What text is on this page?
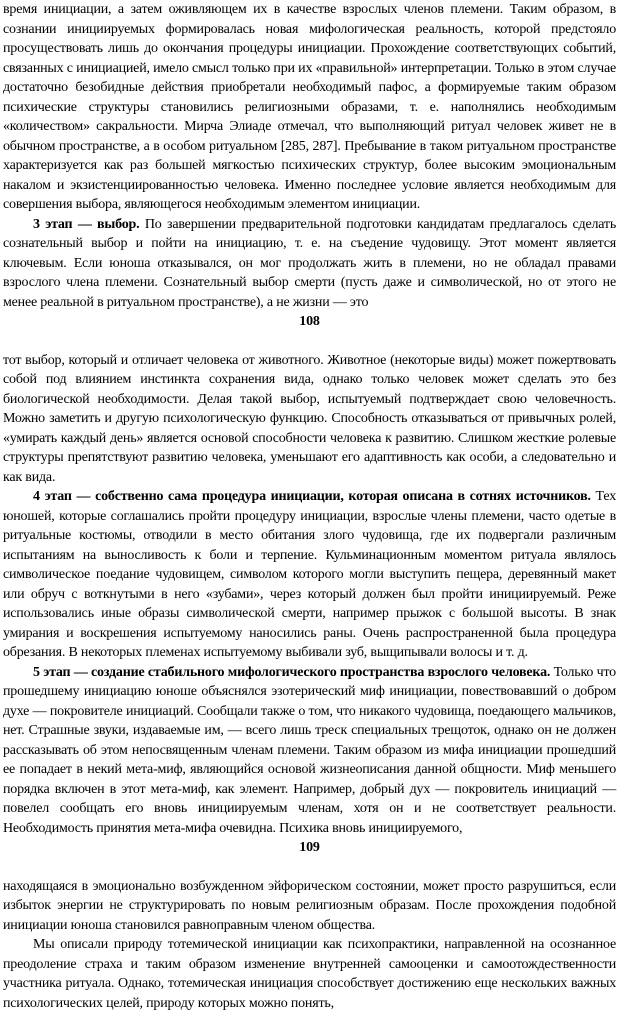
время инициации, а затем оживляющем их в качестве взрослых членов племени. Таким образом, в сознании инициируемых формировалась новая мифологическая реальность, которой предстояло просуществовать лишь до окончания процедуры инициации. Прохождение соответствующих событий, связанных с инициацией, имело смысл только при их «правильной» интерпретации. Только в этом случае достаточно безобидные действия приобретали необходимый пафос, а формируемые таким образом психические структуры становились религиозными образами, т. е. наполнялись необходимым «количеством» сакральности. Мирча Элиаде отмечал, что выполняющий ритуал человек живет не в обычном пространстве, а в особом ритуальном [285, 287]. Пребывание в таком ритуальном пространстве характеризуется как раз большей мягкостью психических структур, более высоким эмоциональным накалом и экзистенциированностью человека. Именно последнее условие является необходимым для совершения выбора, являющегося необходимым элементом инициации.

3 этап — выбор. По завершении предварительной подготовки кандидатам предлагалось сделать сознательный выбор и пойти на инициацию, т. е. на съедение чудовищу. Этот момент является ключевым. Если юноша отказывался, он мог продолжать жить в племени, но не обладал правами взрослого члена племени. Сознательный выбор смерти (пусть даже и символической, но от этого не менее реальной в ритуальном пространстве), а не жизни — это

108

тот выбор, который и отличает человека от животного. Животное (некоторые виды) может пожертвовать собой под влиянием инстинкта сохранения вида, однако только человек может сделать это без биологической необходимости. Делая такой выбор, испытуемый подтверждает свою человечность. Можно заметить и другую психологическую функцию. Способность отказываться от привычных ролей, «умирать каждый день» является основой способности человека к развитию. Слишком жесткие ролевые структуры препятствуют развитию человека, уменьшают его адаптивность как особи, а следовательно и как вида.

4 этап — собственно сама процедура инициации, которая описана в сотнях источников. Тех юношей, которые соглашались пройти процедуру инициации, взрослые члены племени, часто одетые в ритуальные костюмы, отводили в место обитания злого чудовища, где их подвергали различным испытаниям на выносливость к боли и терпение. Кульминационным моментом ритуала являлось символическое поедание чудовищем, символом которого могли выступить пещера, деревянный макет или обруч с воткнутыми в него «зубами», через который должен был пройти инициируемый. Реже использовались иные образы символической смерти, например прыжок с большой высоты. В знак умирания и воскрешения испытуемому наносились раны. Очень распространенной была процедура обрезания. В некоторых племенах испытуемому выбивали зуб, выщипывали волосы и т. д.

5 этап — создание стабильного мифологического пространства взрослого человека. Только что прошедшему инициацию юноше объяснялся эзотерический миф инициации, повествовавший о добром духе — покровителе инициаций. Сообщали также о том, что никакого чудовища, поедающего мальчиков, нет. Страшные звуки, издаваемые им, — всего лишь треск специальных трещоток, однако он не должен рассказывать об этом непосвященным членам племени. Таким образом из мифа инициации прошедший ее попадает в некий мета-миф, являющийся основой жизнеописания данной общности. Миф меньшего порядка включен в этот мета-миф, как элемент. Например, добрый дух — покровитель инициаций — повелел сообщать его вновь инициируемым членам, хотя он и не соответствует реальности. Необходимость принятия мета-мифа очевидна. Психика вновь инициируемого,

109

находящаяся в эмоционально возбужденном эйфорическом состоянии, может просто разрушиться, если избыток энергии не структурировать по новым религиозным образам. После прохождения подобной инициации юноша становился равноправным членом общества.

Мы описали природу тотемической инициации как психопрактики, направленной на осознанное преодоление страха и таким образом изменение внутренней самооценки и самоотождественности участника ритуала. Однако, тотемическая инициация способствует достижению еще нескольких важных психологических целей, природу которых можно понять,
